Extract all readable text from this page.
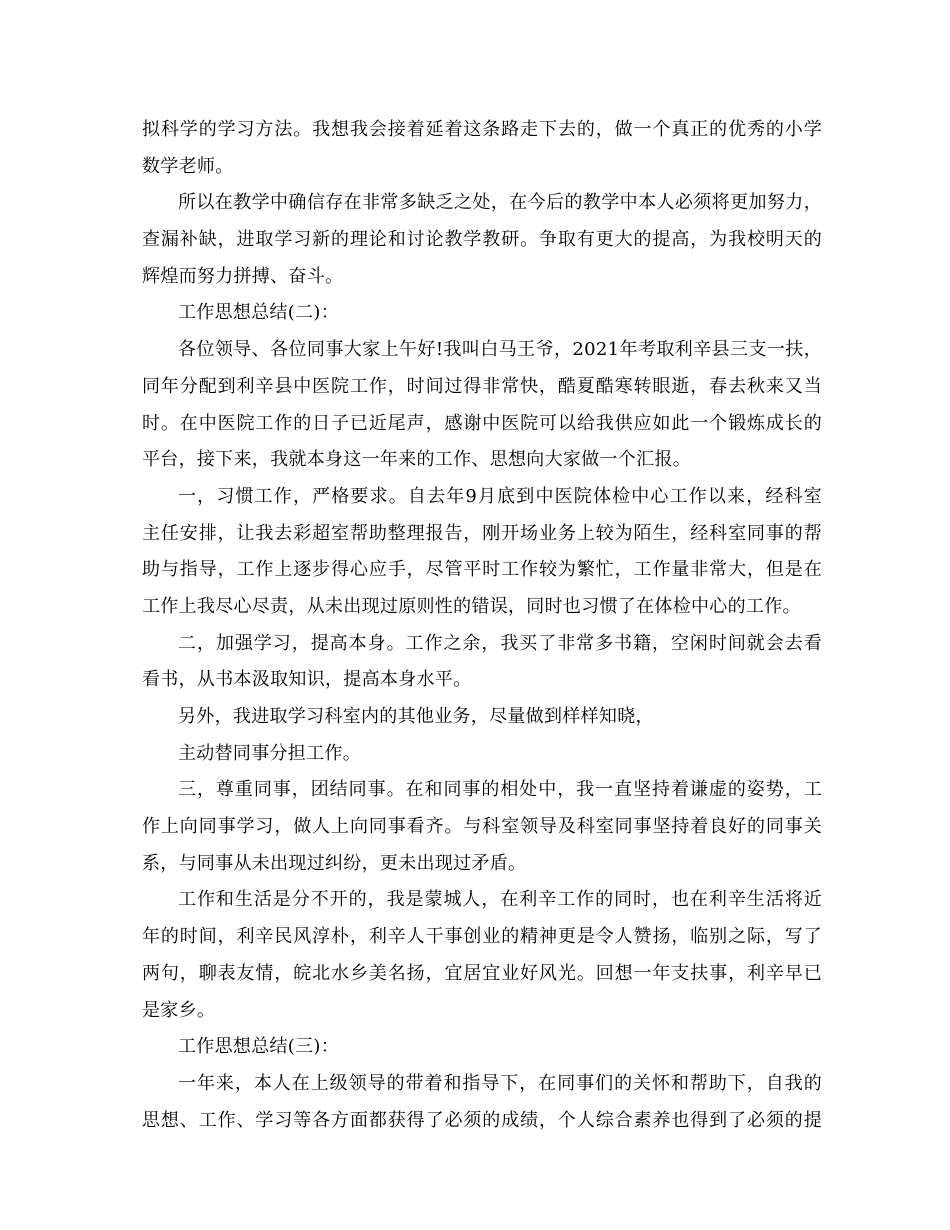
拟科学的学习方法。我想我会接着延着这条路走下去的，做一个真正的优秀的小学
数学老师。
所以在教学中确信存在非常多缺乏之处，在今后的教学中本人必须将更加努力，
查漏补缺，进取学习新的理论和讨论教学教研。争取有更大的提高，为我校明天的
辉煌而努力拼搏、奋斗。
工作思想总结(二)：
各位领导、各位同事大家上午好!我叫白马王爷，2021年考取利辛县三支一扶，
同年分配到利辛县中医院工作，时间过得非常快，酷夏酷寒转眼逝，春去秋来又当
时。在中医院工作的日子已近尾声，感谢中医院可以给我供应如此一个锻炼成长的
平台，接下来，我就本身这一年来的工作、思想向大家做一个汇报。
一，习惯工作，严格要求。自去年9月底到中医院体检中心工作以来，经科室
主任安排，让我去彩超室帮助整理报告，刚开场业务上较为陌生，经科室同事的帮
助与指导，工作上逐步得心应手，尽管平时工作较为繁忙，工作量非常大，但是在
工作上我尽心尽责，从未出现过原则性的错误，同时也习惯了在体检中心的工作。
二，加强学习，提高本身。工作之余，我买了非常多书籍，空闲时间就会去看
看书，从书本汲取知识，提高本身水平。
另外，我进取学习科室内的其他业务，尽量做到样样知晓，
主动替同事分担工作。
三，尊重同事，团结同事。在和同事的相处中，我一直坚持着谦虚的姿势，工
作上向同事学习，做人上向同事看齐。与科室领导及科室同事坚持着良好的同事关
系，与同事从未出现过纠纷，更未出现过矛盾。
工作和生活是分不开的，我是蒙城人，在利辛工作的同时，也在利辛生活将近
年的时间，利辛民风淳朴，利辛人干事创业的精神更是令人赞扬，临别之际，写了
两句，聊表友情，皖北水乡美名扬，宜居宜业好风光。回想一年支扶事，利辛早已
是家乡。
工作思想总结(三)：
一年来，本人在上级领导的带着和指导下，在同事们的关怀和帮助下，自我的
思想、工作、学习等各方面都获得了必须的成绩，个人综合素养也得到了必须的提
